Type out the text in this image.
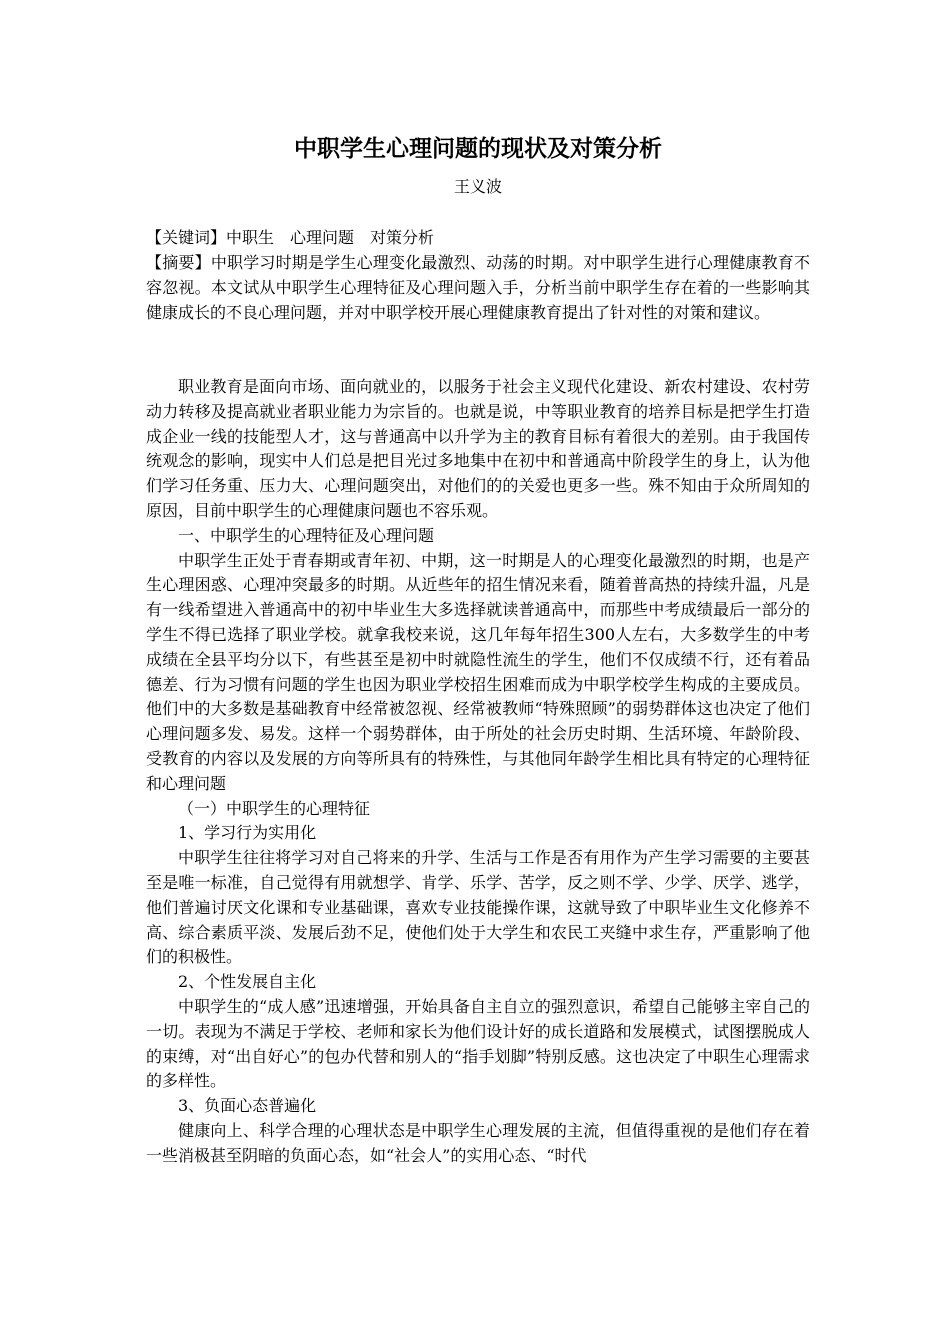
中职学生心理问题的现状及对策分析
王义波
【关键词】中职生 心理问题 对策分析

【摘要】中职学习时期是学生心理变化最激烈、动荡的时期。对中职学生进行心理健康教育不容忽视。本文试从中职学生心理特征及心理问题入手，分析当前中职学生存在着的一些影响其健康成长的不良心理问题，并对中职学校开展心理健康教育提出了针对性的对策和建议。

职业教育是面向市场、面向就业的，以服务于社会主义现代化建设、新农村建设、农村劳动力转移及提高就业者职业能力为宗旨的。也就是说，中等职业教育的培养目标是把学生打造成企业一线的技能型人才，这与普通高中以升学为主的教育目标有着很大的差别。由于我国传统观念的影响，现实中人们总是把目光过多地集中在初中和普通高中阶段学生的身上，认为他们学习任务重、压力大、心理问题突出，对他们的的关爱也更多一些。殊不知由于众所周知的原因，目前中职学生的心理健康问题也不容乐观。

一、中职学生的心理特征及心理问题

中职学生正处于青春期或青年初、中期，这一时期是人的心理变化最激烈的时期，也是产生心理困惑、心理冲突最多的时期。从近些年的招生情况来看，随着普高热的持续升温，凡是有一线希望进入普通高中的初中毕业生大多选择就读普通高中，而那些中考成绩最后一部分的学生不得已选择了职业学校。就拿我校来说，这几年每年招生300人左右，大多数学生的中考成绩在全县平均分以下，有些甚至是初中时就隐性流生的学生，他们不仅成绩不行，还有着品德差、行为习惯有问题的学生也因为职业学校招生困难而成为中职学校学生构成的主要成员。他们中的大多数是基础教育中经常被忽视、经常被教师“特殊照顾”的弱势群体这也决定了他们心理问题多发、易发。这样一个弱势群体，由于所处的社会历史时期、生活环境、年龄阶段、受教育的内容以及发展的方向等所具有的特殊性，与其他同年龄学生相比具有特定的心理特征和心理问题

（一）中职学生的心理特征

1、学习行为实用化

中职学生往往将学习对自己将来的升学、生活与工作是否有用作为产生学习需要的主要甚至是唯一标准，自己觉得有用就想学、肯学、乐学、苦学，反之则不学、少学、厌学、逃学，他们普遍讨厌文化课和专业基础课，喜欢专业技能操作课，这就导致了中职毕业生文化修养不高、综合素质平淡、发展后劲不足，使他们处于大学生和农民工夹缝中求生存，严重影响了他们的积极性。

2、个性发展自主化

中职学生的“成人感”迅速增强，开始具备自主自立的强烈意识，希望自己能够主宰自己的一切。表现为不满足于学校、老师和家长为他们设计好的成长道路和发展模式，试图摆脱成人的束缚，对“出自好心”的包办代替和别人的“指手划脚”特别反感。这也决定了中职生心理需求的多样性。

3、负面心态普遍化

健康向上、科学合理的心理状态是中职学生心理发展的主流，但值得重视的是他们存在着一些消极甚至阴暗的负面心态，如“社会人”的实用心态、“时代
